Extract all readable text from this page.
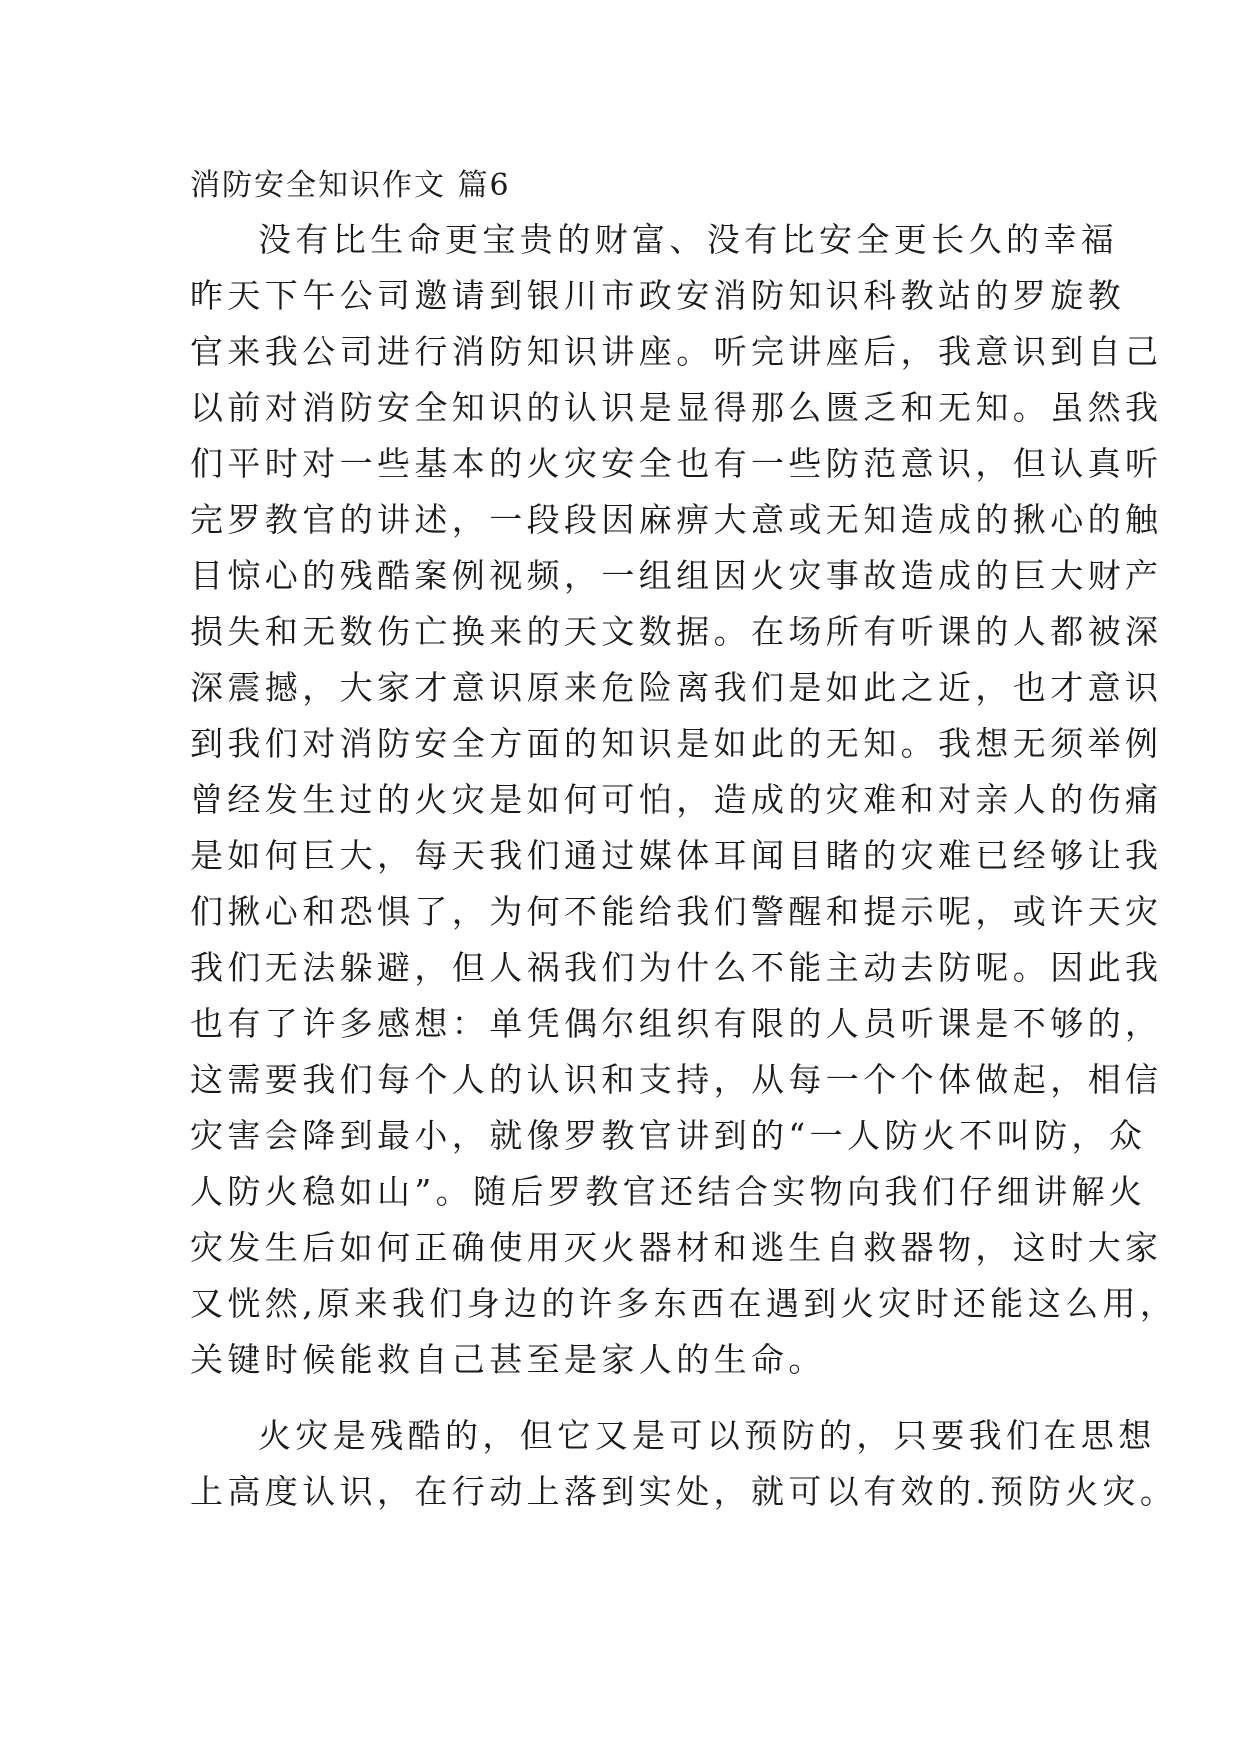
消防安全知识作文 篇6
没有比生命更宝贵的财富、没有比安全更长久的幸福
昨天下午公司邀请到银川市政安消防知识科教站的罗旋教
官来我公司进行消防知识讲座。听完讲座后，我意识到自己
以前对消防安全知识的认识是显得那么匮乏和无知。虽然我
们平时对一些基本的火灾安全也有一些防范意识，但认真听
完罗教官的讲述，一段段因麻痹大意或无知造成的揪心的触
目惊心的残酷案例视频，一组组因火灾事故造成的巨大财产
损失和无数伤亡换来的天文数据。在场所有听课的人都被深
深震撼，大家才意识原来危险离我们是如此之近，也才意识
到我们对消防安全方面的知识是如此的无知。我想无须举例
曾经发生过的火灾是如何可怕，造成的灾难和对亲人的伤痛
是如何巨大，每天我们通过媒体耳闻目睹的灾难已经够让我
们揪心和恐惧了，为何不能给我们警醒和提示呢，或许天灾
我们无法躲避，但人祸我们为什么不能主动去防呢。因此我
也有了许多感想：单凭偶尔组织有限的人员听课是不够的，
这需要我们每个人的认识和支持，从每一个个体做起，相信
灾害会降到最小，就像罗教官讲到的“一人防火不叫防，众
人防火稳如山”。随后罗教官还结合实物向我们仔细讲解火
灾发生后如何正确使用灭火器材和逃生自救器物，这时大家
又恍然,原来我们身边的许多东西在遇到火灾时还能这么用，
关键时候能救自己甚至是家人的生命。
火灾是残酷的，但它又是可以预防的，只要我们在思想
上高度认识，在行动上落到实处，就可以有效的.预防火灾。
